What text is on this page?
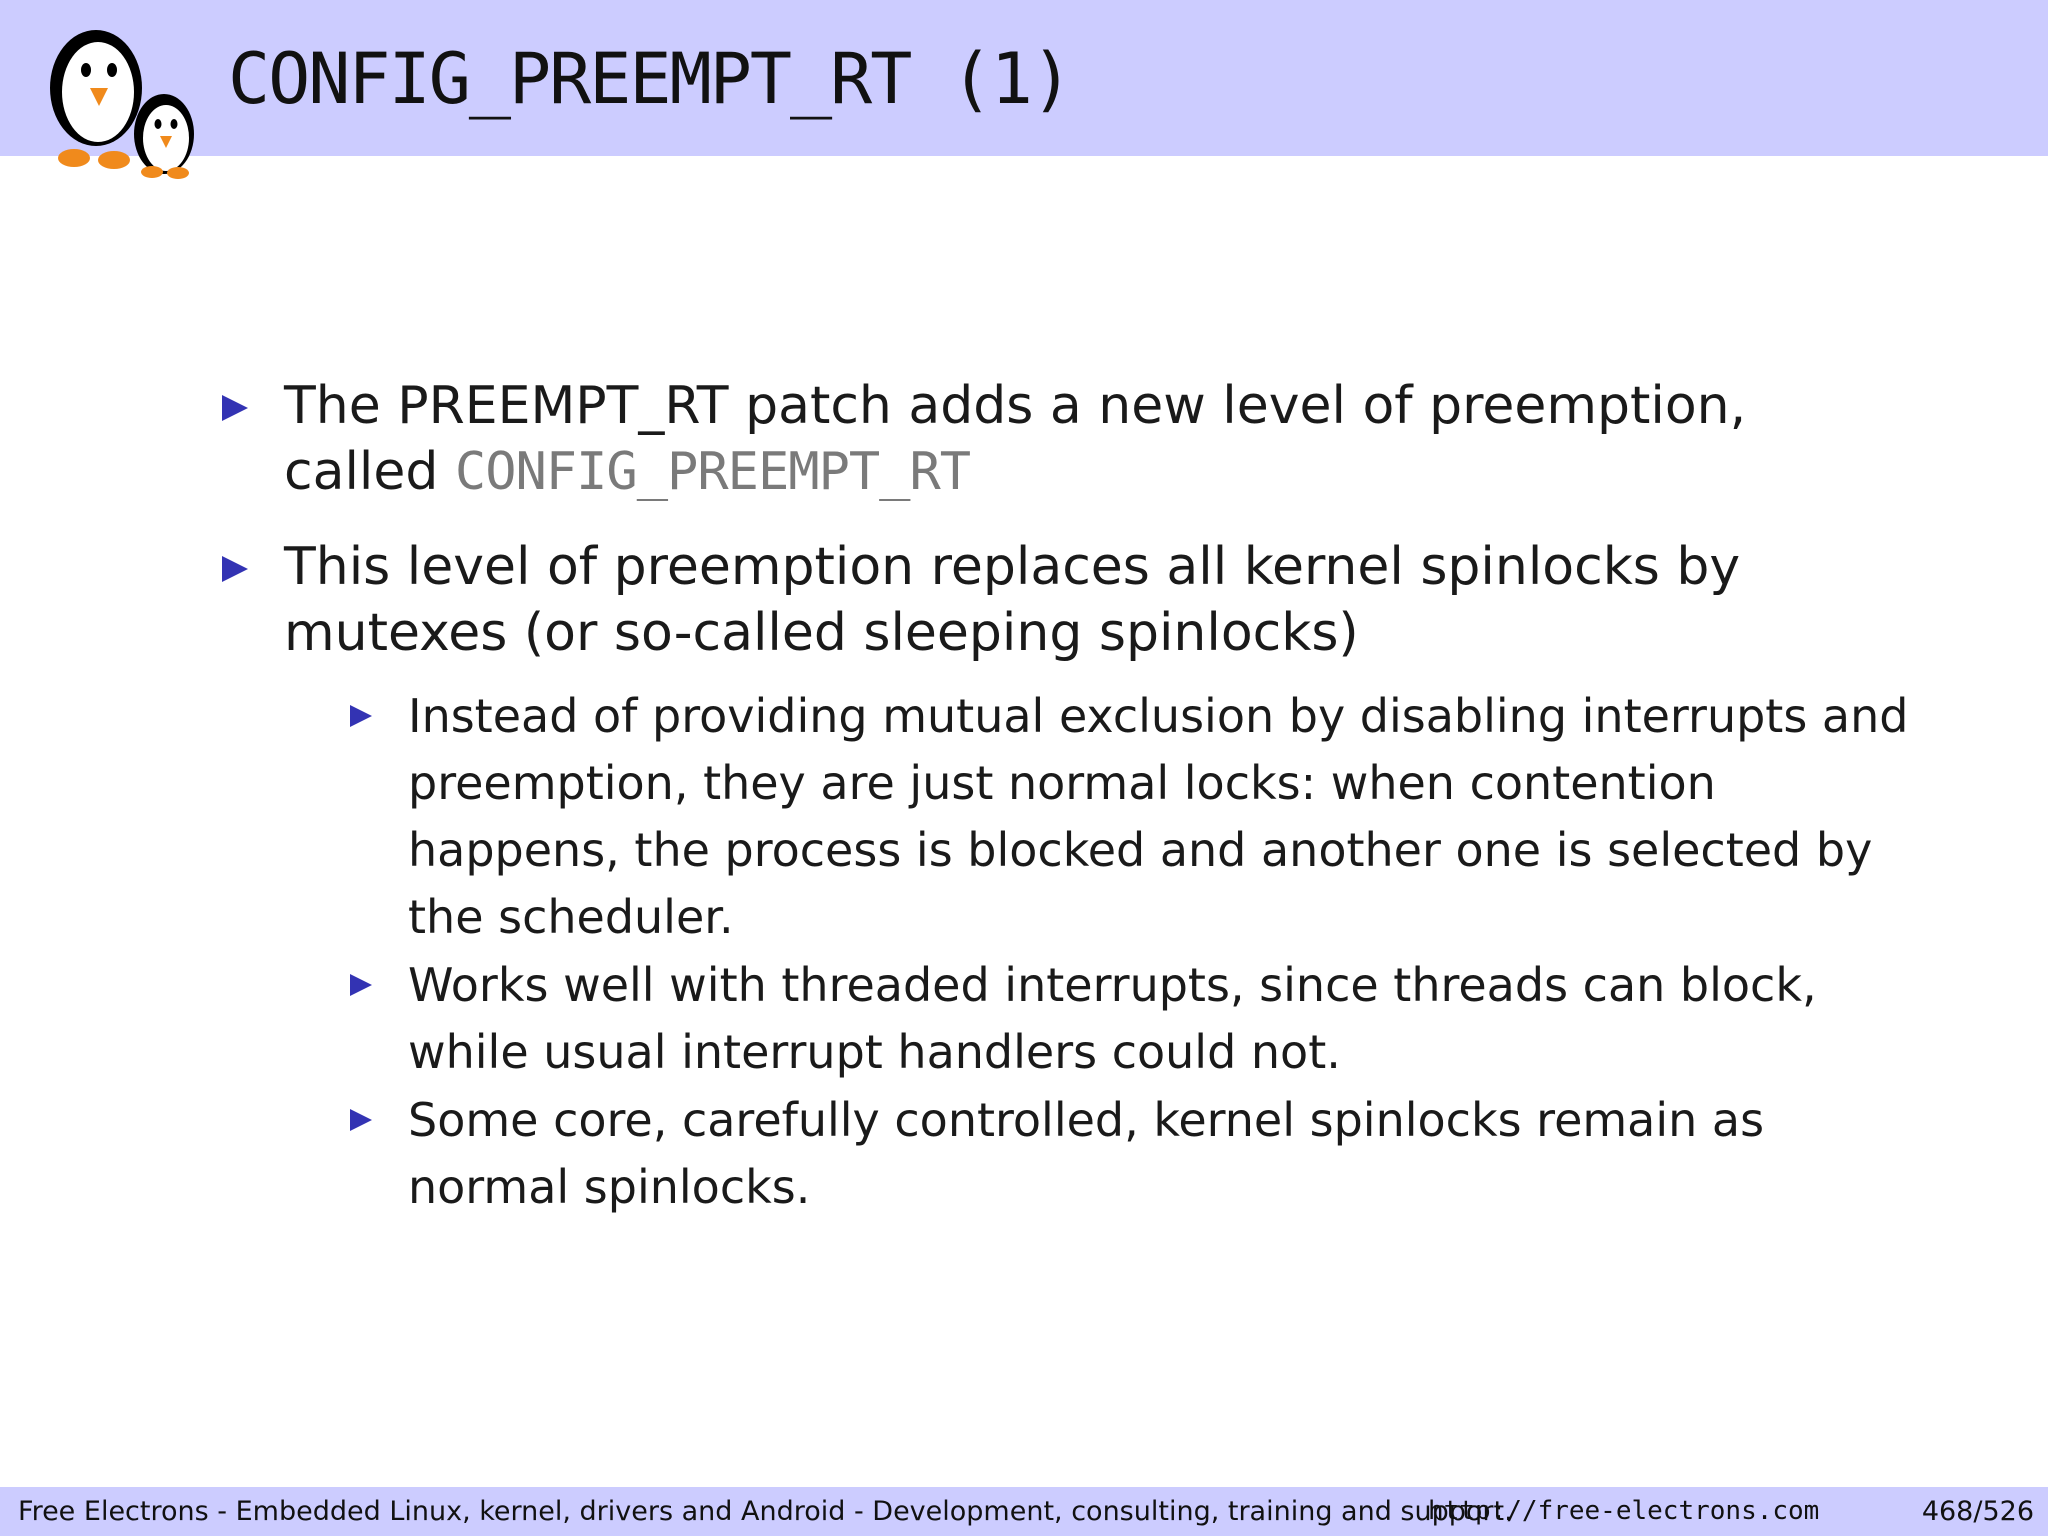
CONFIG_PREEMPT_RT (1)
The PREEMPT_RT patch adds a new level of preemption, called CONFIG_PREEMPT_RT
This level of preemption replaces all kernel spinlocks by mutexes (or so-called sleeping spinlocks)
Instead of providing mutual exclusion by disabling interrupts and preemption, they are just normal locks: when contention happens, the process is blocked and another one is selected by the scheduler.
Works well with threaded interrupts, since threads can block, while usual interrupt handlers could not.
Some core, carefully controlled, kernel spinlocks remain as normal spinlocks.
Free Electrons - Embedded Linux, kernel, drivers and Android - Development, consulting, training and support.
http://free-electrons.com	468/526
